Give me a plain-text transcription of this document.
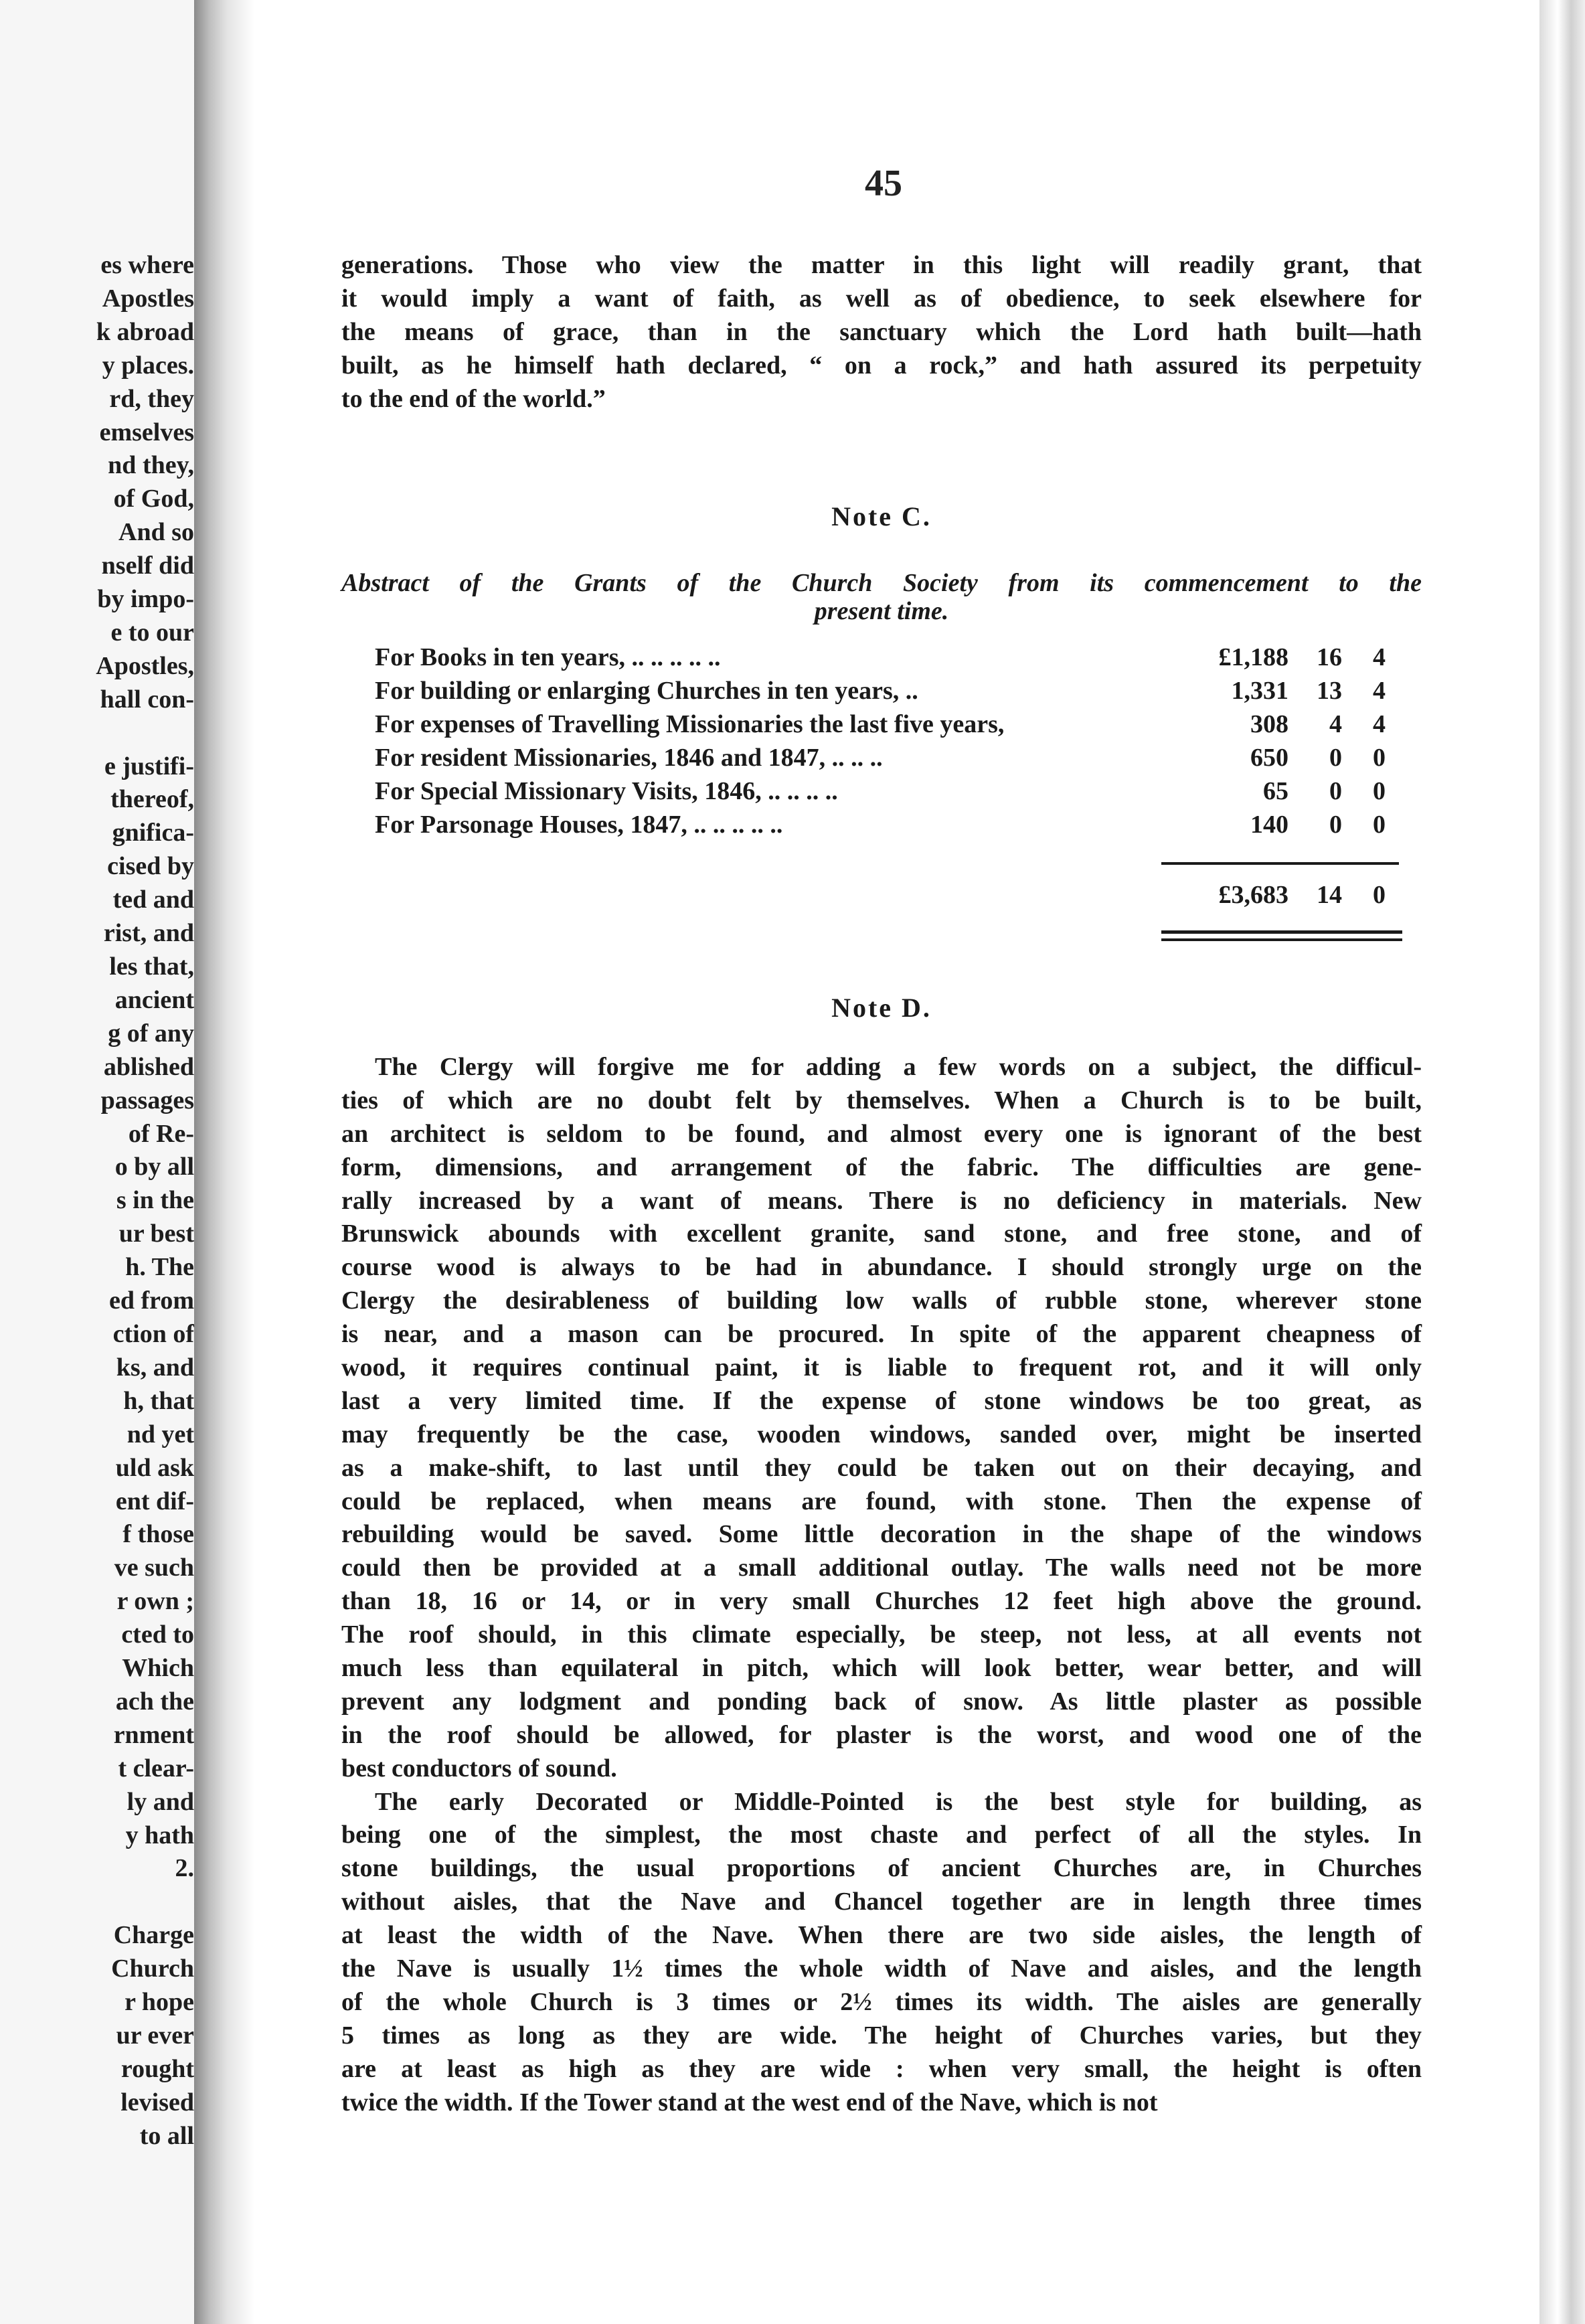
es where
Apostles
k abroad
y places.
rd, they
emselves
nd they,
of God,
And so
nself did
by impo-
e to our
Apostles,
hall con-
e justifi-
thereof,
gnifica-
cised by
ted and
rist, and
les that,
ancient
g of any
ablished
passages
of Re-
o by all
s in the
ur best
h. The
ed from
ction of
ks, and
h, that
nd yet
uld ask
ent dif-
f those
ve such
r own ;
cted to
Which
ach the
rnment
t clear-
ly and
y hath
2.
Charge
Church
r hope
ur ever
rought
levised
to all
45
generations. Those who view the matter in this light will readily grant, that
it would imply a want of faith, as well as of obedience, to seek elsewhere for
the means of grace, than in the sanctuary which the Lord hath built—hath
built, as he himself hath declared, “ on a rock,” and hath assured its perpetuity
to the end of the world.”
Note C.
Abstract of the Grants of the Church Society from its commencement to the
present time.
For Books in ten years, .. .. .. .. ..	£1,188	16	4
For building or enlarging Churches in ten years, ..	1,331	13	4
For expenses of Travelling Missionaries the last five years,	308	4	4
For resident Missionaries, 1846 and 1847, .. .. ..	650	0	0
For Special Missionary Visits, 1846, .. .. .. ..	65	0	0
For Parsonage Houses, 1847, .. .. .. .. ..	140	0	0
£3,683	14	0
Note D.
The Clergy will forgive me for adding a few words on a subject, the difficul-
ties of which are no doubt felt by themselves. When a Church is to be built,
an architect is seldom to be found, and almost every one is ignorant of the best
form, dimensions, and arrangement of the fabric. The difficulties are gene-
rally increased by a want of means. There is no deficiency in materials. New
Brunswick abounds with excellent granite, sand stone, and free stone, and of
course wood is always to be had in abundance. I should strongly urge on the
Clergy the desirableness of building low walls of rubble stone, wherever stone
is near, and a mason can be procured. In spite of the apparent cheapness of
wood, it requires continual paint, it is liable to frequent rot, and it will only
last a very limited time. If the expense of stone windows be too great, as
may frequently be the case, wooden windows, sanded over, might be inserted
as a make-shift, to last until they could be taken out on their decaying, and
could be replaced, when means are found, with stone. Then the expense of
rebuilding would be saved. Some little decoration in the shape of the windows
could then be provided at a small additional outlay. The walls need not be more
than 18, 16 or 14, or in very small Churches 12 feet high above the ground.
The roof should, in this climate especially, be steep, not less, at all events not
much less than equilateral in pitch, which will look better, wear better, and will
prevent any lodgment and ponding back of snow. As little plaster as possible
in the roof should be allowed, for plaster is the worst, and wood one of the
best conductors of sound.
The early Decorated or Middle-Pointed is the best style for building, as
being one of the simplest, the most chaste and perfect of all the styles. In
stone buildings, the usual proportions of ancient Churches are, in Churches
without aisles, that the Nave and Chancel together are in length three times
at least the width of the Nave. When there are two side aisles, the length of
the Nave is usually 1½ times the whole width of Nave and aisles, and the length
of the whole Church is 3 times or 2½ times its width. The aisles are generally
5 times as long as they are wide. The height of Churches varies, but they
are at least as high as they are wide : when very small, the height is often
twice the width. If the Tower stand at the west end of the Nave, which is not
